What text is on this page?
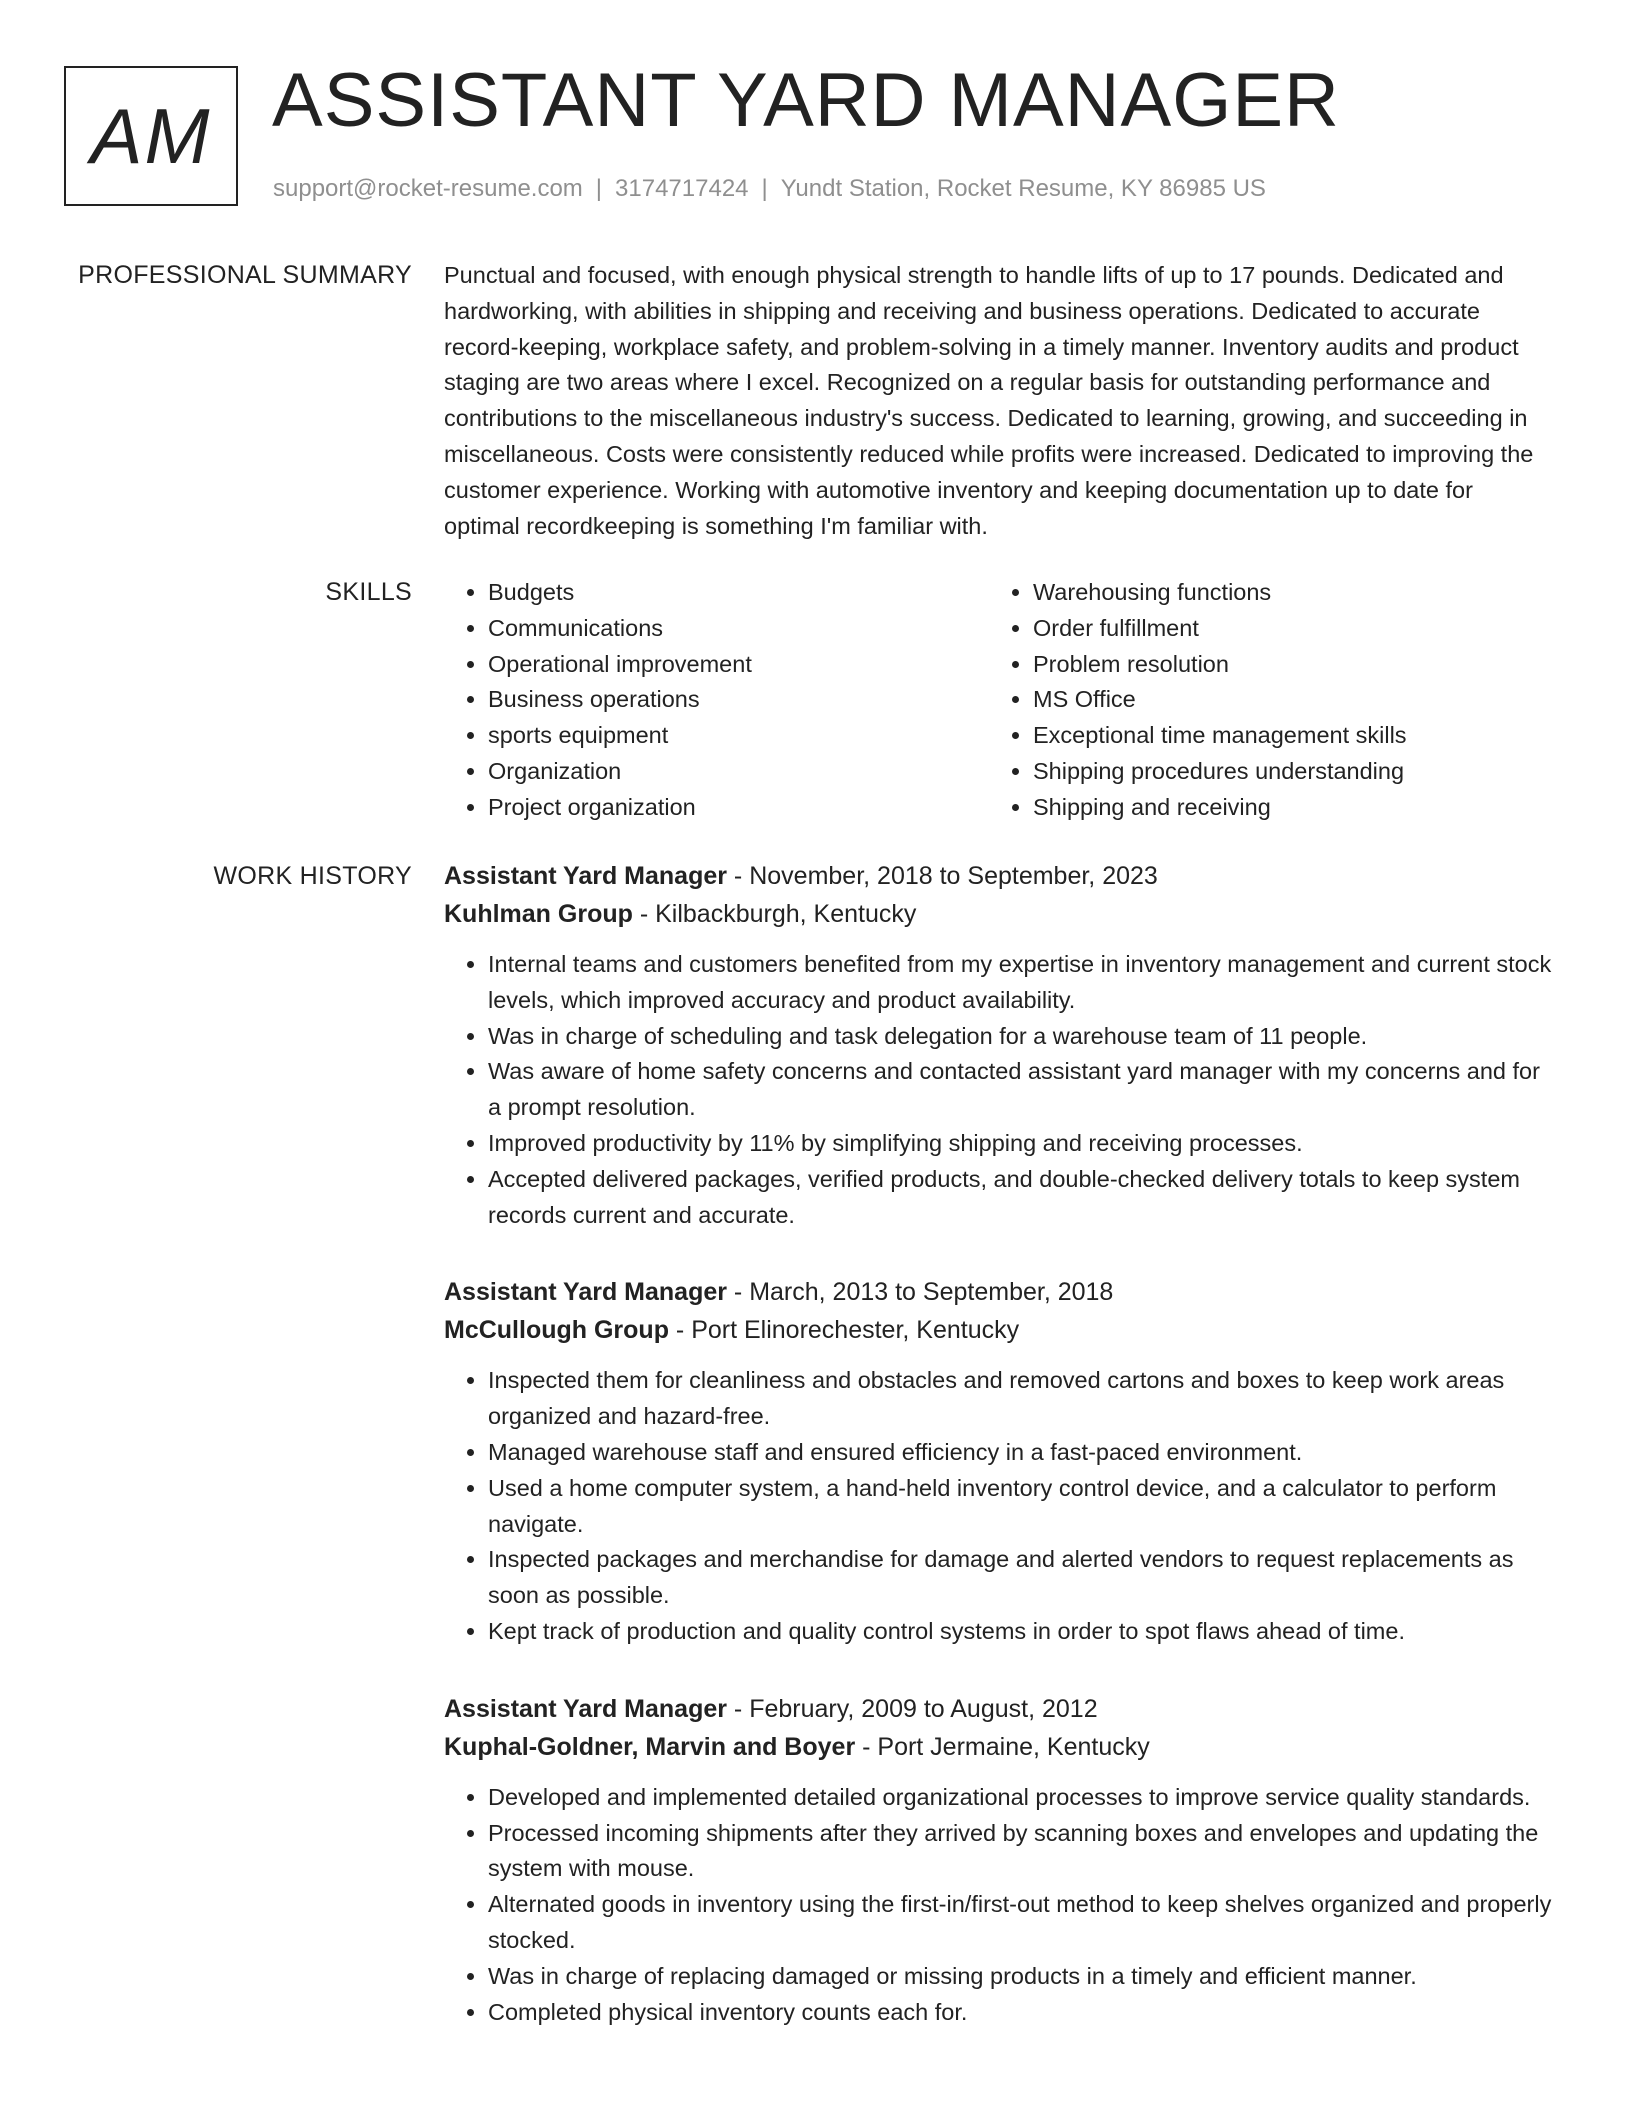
AM ASSISTANT YARD MANAGER
support@rocket-resume.com | 3174717424 | Yundt Station, Rocket Resume, KY 86985 US
PROFESSIONAL SUMMARY Punctual and focused, with enough physical strength to handle lifts of up to 17 pounds. Dedicated and hardworking, with abilities in shipping and receiving and business operations. Dedicated to accurate record-keeping, workplace safety, and problem-solving in a timely manner. Inventory audits and product staging are two areas where I excel. Recognized on a regular basis for outstanding performance and contributions to the miscellaneous industry's success. Dedicated to learning, growing, and succeeding in miscellaneous. Costs were consistently reduced while profits were increased. Dedicated to improving the customer experience. Working with automotive inventory and keeping documentation up to date for optimal recordkeeping is something I'm familiar with.

SKILLS
•	Budgets
• Communications
• Operational improvement
• Business operations
• sports equipment
• Organization
• Project organization
• Warehousing functions
• Order fulfillment
• Problem resolution
• MS Office
• Exceptional time management skills
• Shipping procedures understanding
• Shipping and receiving
WORK HISTORY Assistant Yard Manager - November, 2018 to September, 2023
Kuhlman Group - Kilbackburgh, Kentucky
• Internal teams and customers benefited from my expertise in inventory management and current stock levels, which improved accuracy and product availability.
• Was in charge of scheduling and task delegation for a warehouse team of 11 people.
• Was aware of home safety concerns and contacted assistant yard manager with my concerns and for a prompt resolution.
• Improved productivity by 11% by simplifying shipping and receiving processes.
• Accepted delivered packages, verified products, and double-checked delivery totals to keep system records current and accurate.
Assistant Yard Manager - March, 2013 to September, 2018
McCullough Group - Port Elinorechester, Kentucky
• Inspected them for cleanliness and obstacles and removed cartons and boxes to keep work areas organized and hazard-free.
• Managed warehouse staff and ensured efficiency in a fast-paced environment.
• Used a home computer system, a hand-held inventory control device, and a calculator to perform navigate.
• Inspected packages and merchandise for damage and alerted vendors to request replacements as soon as possible.
• Kept track of production and quality control systems in order to spot flaws ahead of time.
Assistant Yard Manager - February, 2009 to August, 2012
Kuphal-Goldner, Marvin and Boyer - Port Jermaine, Kentucky
• Developed and implemented detailed organizational processes to improve service quality standards.
• Processed incoming shipments after they arrived by scanning boxes and envelopes and updating the system with mouse.
• Alternated goods in inventory using the first-in/first-out method to keep shelves organized and properly stocked.
• Was in charge of replacing damaged or missing products in a timely and efficient manner.
• Completed physical inventory counts each for.
